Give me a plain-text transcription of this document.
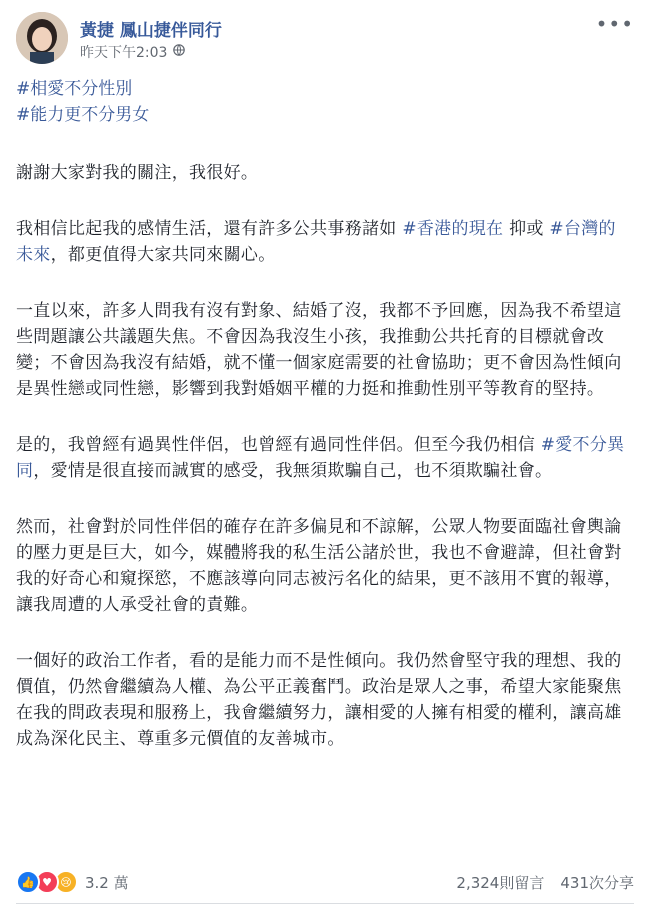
黃捷 鳳山捷伴同行
昨天下午2:03
•••
#相愛不分性別
#能力更不分男女

謝謝大家對我的關注，我很好。

我相信比起我的感情生活，還有許多公共事務諸如 #香港的現在 抑或 #台灣的未來，都更值得大家共同來關心。

一直以來，許多人問我有沒有對象、結婚了沒，我都不予回應，因為我不希望這些問題讓公共議題失焦。不會因為我沒生小孩，我推動公共托育的目標就會改變；不會因為我沒有結婚，就不懂一個家庭需要的社會協助；更不會因為性傾向是異性戀或同性戀，影響到我對婚姻平權的力挺和推動性別平等教育的堅持。

是的，我曾經有過異性伴侶，也曾經有過同性伴侶。但至今我仍相信 #愛不分異同，愛情是很直接而誠實的感受，我無須欺騙自己，也不須欺騙社會。

然而，社會對於同性伴侶的確存在許多偏見和不諒解，公眾人物要面臨社會輿論的壓力更是巨大，如今，媒體將我的私生活公諸於世，我也不會避諱，但社會對我的好奇心和窺探慾，不應該導向同志被污名化的結果，更不該用不實的報導，讓我周遭的人承受社會的責難。

一個好的政治工作者，看的是能力而不是性傾向。我仍然會堅守我的理想、我的價值，仍然會繼續為人權、為公平正義奮鬥。政治是眾人之事，希望大家能聚焦在我的問政表現和服務上，我會繼續努力，讓相愛的人擁有相愛的權利，讓高雄成為深化民主、尊重多元價值的友善城市。

👍 ♥ 😢 3.2 萬	2,324則留言 431次分享
